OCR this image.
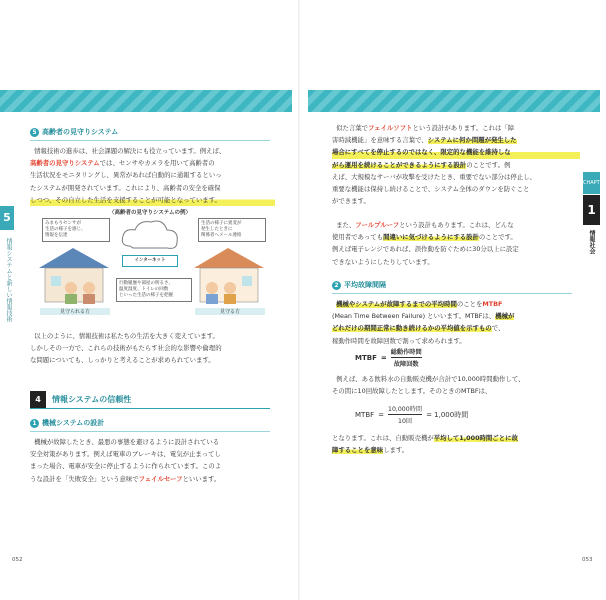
5 高齢者の見守りシステム
情報技術の進歩は、社会課題の解決にも役立っています。例えば、
高齢者の見守りシステムでは、センサやカメラを用いて高齢者の
生活状況をモニタリングし、異常があれば自動的に通報するといっ
たシステムが開発されています。これにより、高齢者の安全を確保
しつつ、その自立した生活を支援することが可能となっています。
〈高齢者の見守りシステムの例〉
みまもりセンサが
生活の様子を感じ、
情報を伝達
生活の様子に異変が
発生したときに
関係者へメール連絡
インターネット
行動履歴や部屋の明るさ、
温度湿度、トイレの回数
といった生活の様子を把握
見守られる方	見守る方
以上のように、情報技術は私たちの生活を大きく変えています。
しかしその一方で、これらの技術がもたらす社会的な影響や倫理的
な問題についても、しっかりと考えることが求められています。
4	情報システムの信頼性
1 機械システムの設計
機械が故障したとき、最悪の事態を避けるように設計されている
安全対策があります。例えば電車のブレーキは、電気が止まってし
まった場合、電車が安全に停止するように作られています。このよ
うな設計を「失敗安全」という意味でフェイルセーフといいます。
5
情報システムと新しい情報技術
052
似た言葉でフェイルソフトという設計があります。これは「障
害時減機能」を意味する言葉で、システムに何か問題が発生した
場合にすべてを停止するのではなく、限定的な機能を維持しな
がら運用を続けることができるようにする設計のことです。例
えば、大規模なサーバが攻撃を受けたとき、重要でない部分は停止し、
重要な機能は保持し続けることで、システム全体のダウンを防ぐこと
ができます。
また、フールプルーフという設計もあります。これは、どんな
使用者であっても間違いに気づけるようにする設計のことです。
例えば電子レンジであれば、誤作動を防ぐために30分以上に設定
できないようにしたりしています。
2 平均故障間隔
機械やシステムが故障するまでの平均時間のことをMTBF
(Mean Time Between Failure) といいます。MTBFは、機械が
どれだけの期間正常に動き続けるかの平均値を示すもので、
稼動作時間を故障回数で割って求められます。
MTBF = $\frac{\text{総動作時間}}{\text{故障回数}}$
例えば、ある飲料水の自動販売機が合計で10,000時間動作して、
その間に10回故障したとします。そのときのMTBFは、
MTBF = $\frac{\text{10,000時間}}{\text{10回}} = 1,000$時間
となります。これは、自動販売機が平均して1,000時間ごとに故
障することを意味します。
053
CHAPTER
1
情報社会
